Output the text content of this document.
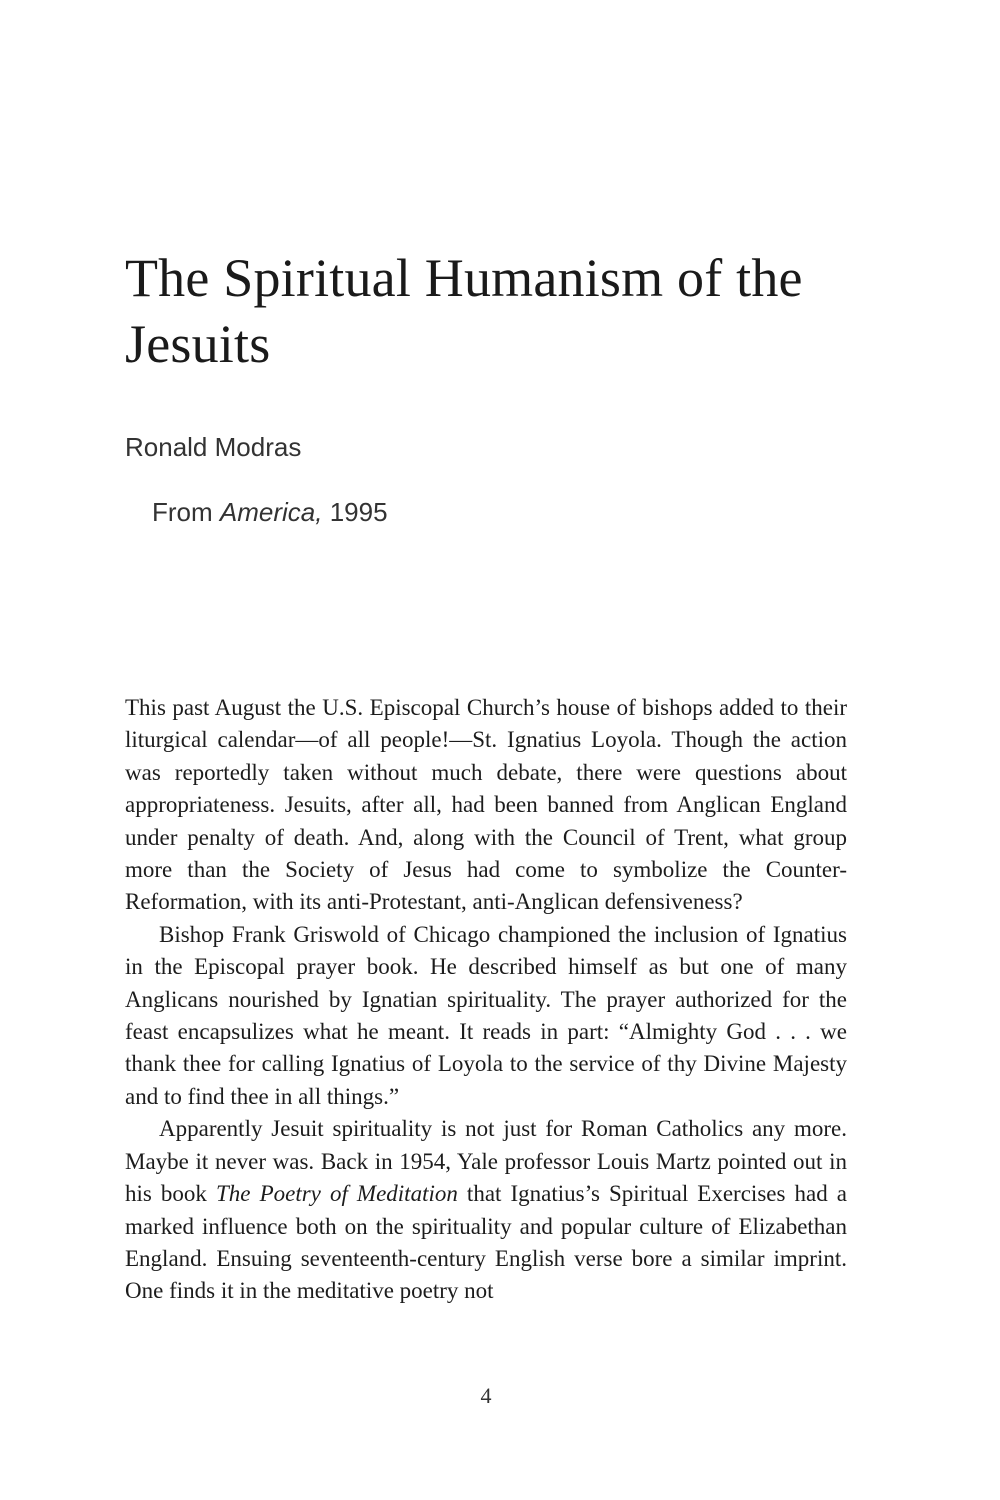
The Spiritual Humanism of the Jesuits

Ronald Modras

From America, 1995

This past August the U.S. Episcopal Church’s house of bishops added to their liturgical calendar—of all people!—St. Ignatius Loyola. Though the action was reportedly taken without much debate, there were questions about appropriateness. Jesuits, after all, had been banned from Anglican England under penalty of death. And, along with the Council of Trent, what group more than the Society of Jesus had come to symbolize the Counter-Reformation, with its anti-Protestant, anti-Anglican defensiveness?

Bishop Frank Griswold of Chicago championed the inclusion of Ignatius in the Episcopal prayer book. He described himself as but one of many Anglicans nourished by Ignatian spirituality. The prayer authorized for the feast encapsulizes what he meant. It reads in part: “Almighty God . . . we thank thee for calling Ignatius of Loyola to the service of thy Divine Majesty and to find thee in all things.”

Apparently Jesuit spirituality is not just for Roman Catholics any more. Maybe it never was. Back in 1954, Yale professor Louis Martz pointed out in his book The Poetry of Meditation that Ignatius’s Spiritual Exercises had a marked influence both on the spirituality and popular culture of Elizabethan England. Ensuing seventeenth-century English verse bore a similar imprint. One finds it in the meditative poetry not

4
